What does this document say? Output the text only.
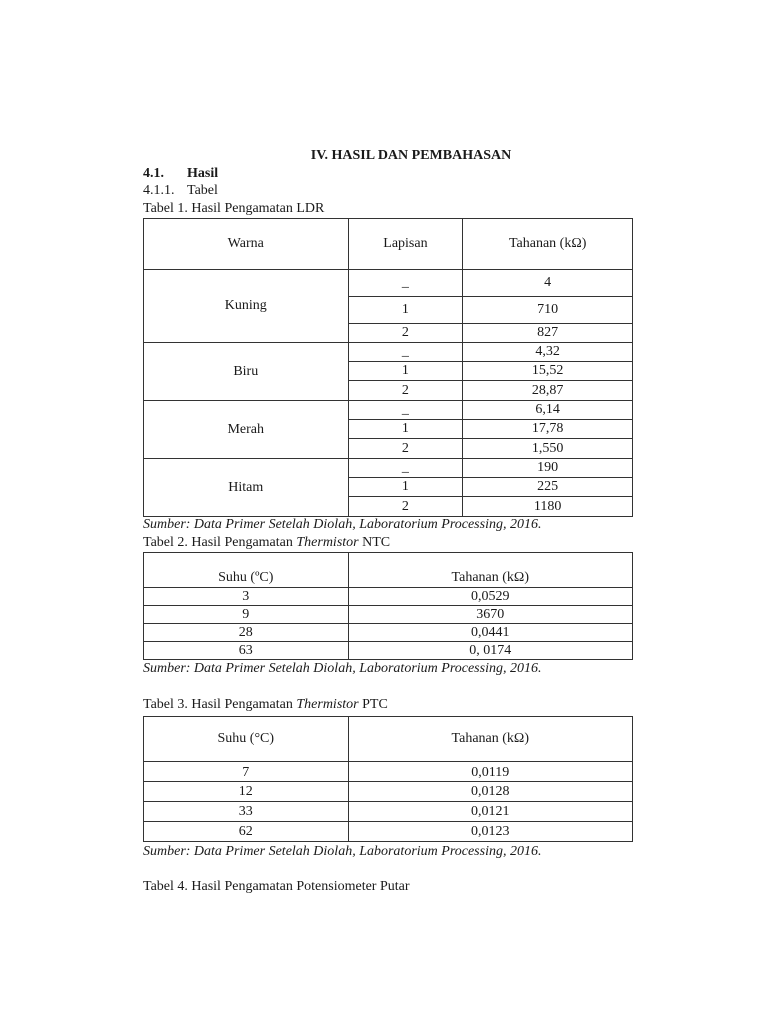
IV. HASIL DAN PEMBAHASAN
4.1. Hasil
4.1.1. Tabel
Tabel 1. Hasil Pengamatan LDR
Warna	Lapisan	Tahanan (kΩ)
Kuning	_	4
	1	710
	2	827
Biru	_	4,32
	1	15,52
	2	28,87
Merah	_	6,14
	1	17,78
	2	1,550
Hitam	_	190
	1	225
	2	1180
Sumber: Data Primer Setelah Diolah, Laboratorium Processing, 2016.
Tabel 2. Hasil Pengamatan Thermistor NTC
Suhu (ºC)	Tahanan (kΩ)
3	0,0529
9	3670
28	0,0441
63	0, 0174
Sumber: Data Primer Setelah Diolah, Laboratorium Processing, 2016.
Tabel 3. Hasil Pengamatan Thermistor PTC
Suhu (°C)	Tahanan (kΩ)
7	0,0119
12	0,0128
33	0,0121
62	0,0123
Sumber: Data Primer Setelah Diolah, Laboratorium Processing, 2016.
Tabel 4. Hasil Pengamatan Potensiometer Putar
